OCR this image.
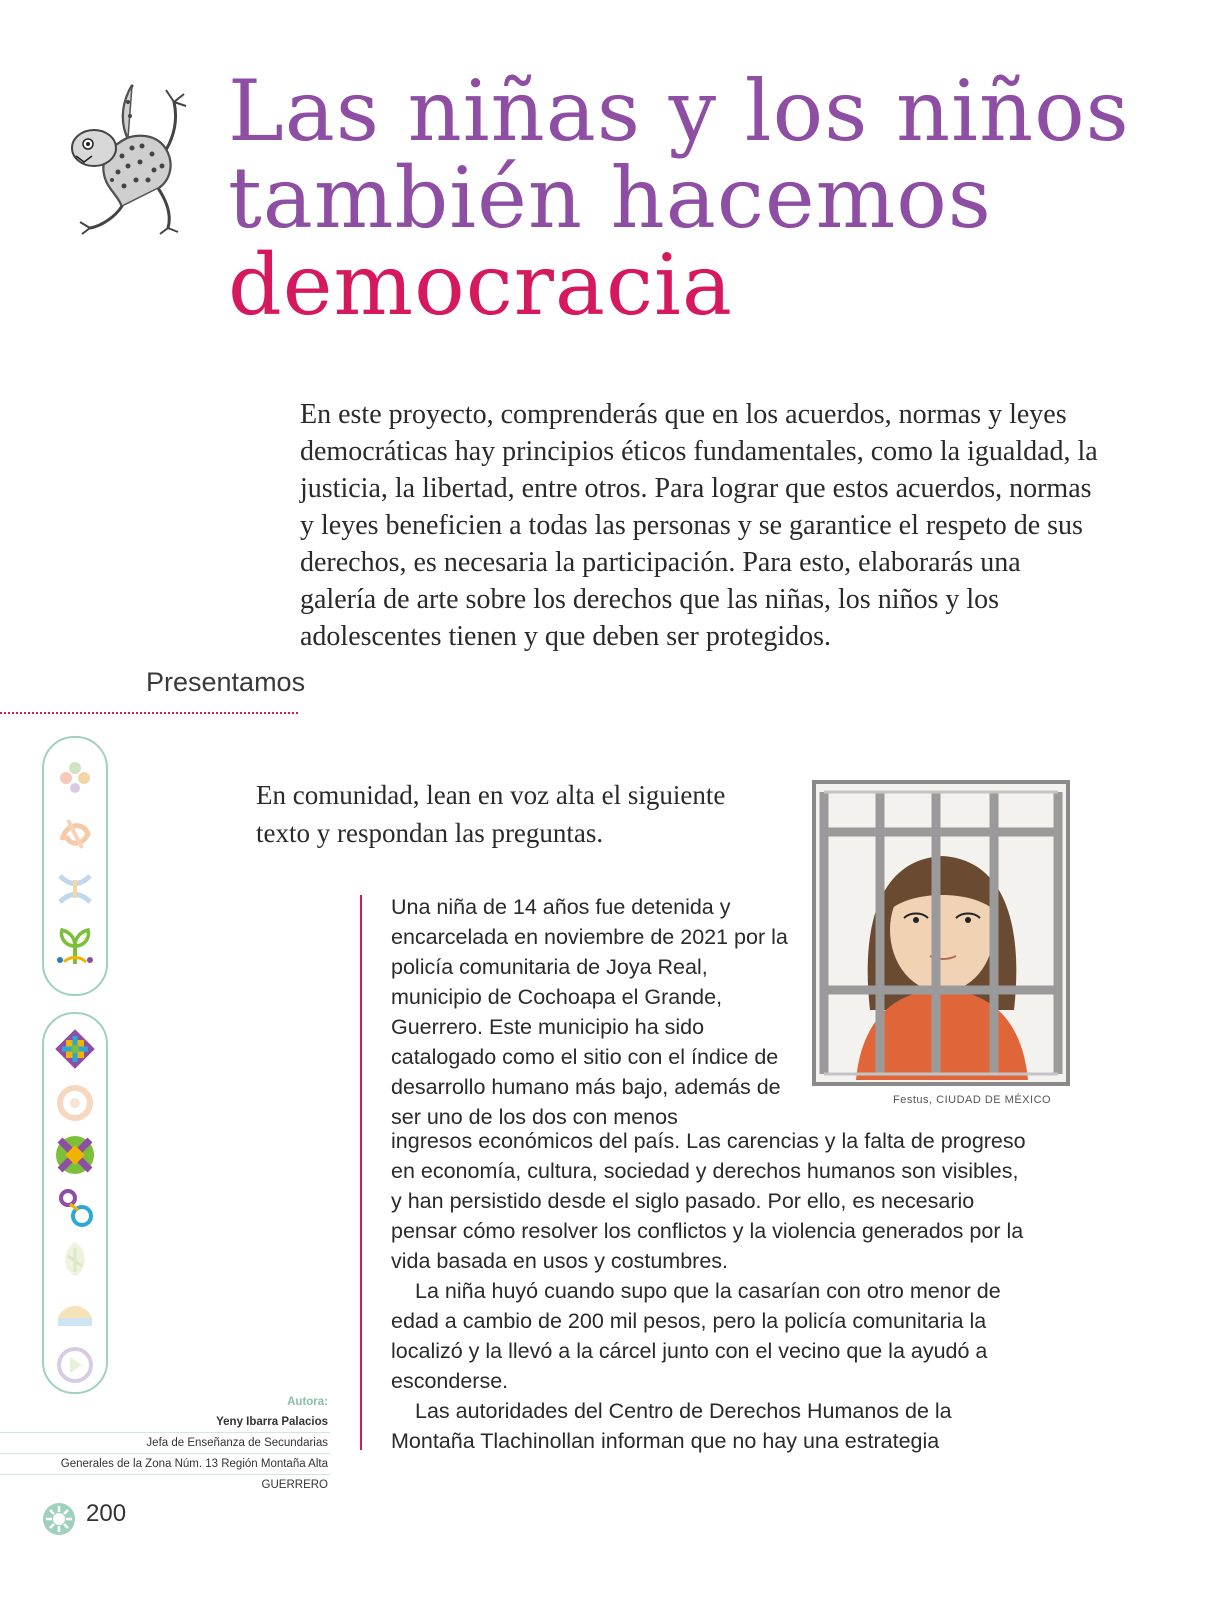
Las niñas y los niños
también hacemos
democracia
En este proyecto, comprenderás que en los acuerdos, normas y leyes democráticas hay principios éticos fundamentales, como la igualdad, la justicia, la libertad, entre otros. Para lograr que estos acuerdos, normas y leyes beneficien a todas las personas y se garantice el respeto de sus derechos, es necesaria la participación. Para esto, elaborarás una galería de arte sobre los derechos que las niñas, los niños y los adolescentes tienen y que deben ser protegidos.
Presentamos
En comunidad, lean en voz alta el siguiente texto y respondan las preguntas.
Festus, CIUDAD DE MÉXICO

Una niña de 14 años fue detenida y encarcelada en noviembre de 2021 por la policía comunitaria de Joya Real, municipio de Cochoapa el Grande, Guerrero. Este municipio ha sido catalogado como el sitio con el índice de desarrollo humano más bajo, además de ser uno de los dos con menos

ingresos económicos del país. Las carencias y la falta de progreso en economía, cultura, sociedad y derechos humanos son visibles, y han persistido desde el siglo pasado. Por ello, es necesario pensar cómo resolver los conflictos y la violencia generados por la vida basada en usos y costumbres.

La niña huyó cuando supo que la casarían con otro menor de edad a cambio de 200 mil pesos, pero la policía comunitaria la localizó y la llevó a la cárcel junto con el vecino que la ayudó a esconderse.

Las autoridades del Centro de Derechos Humanos de la Montaña Tlachinollan informan que no hay una estrategia

Autora:
Yeny Ibarra Palacios
Jefa de Enseñanza de Secundarias
Generales de la Zona Núm. 13 Región Montaña Alta
GUERRERO
200
